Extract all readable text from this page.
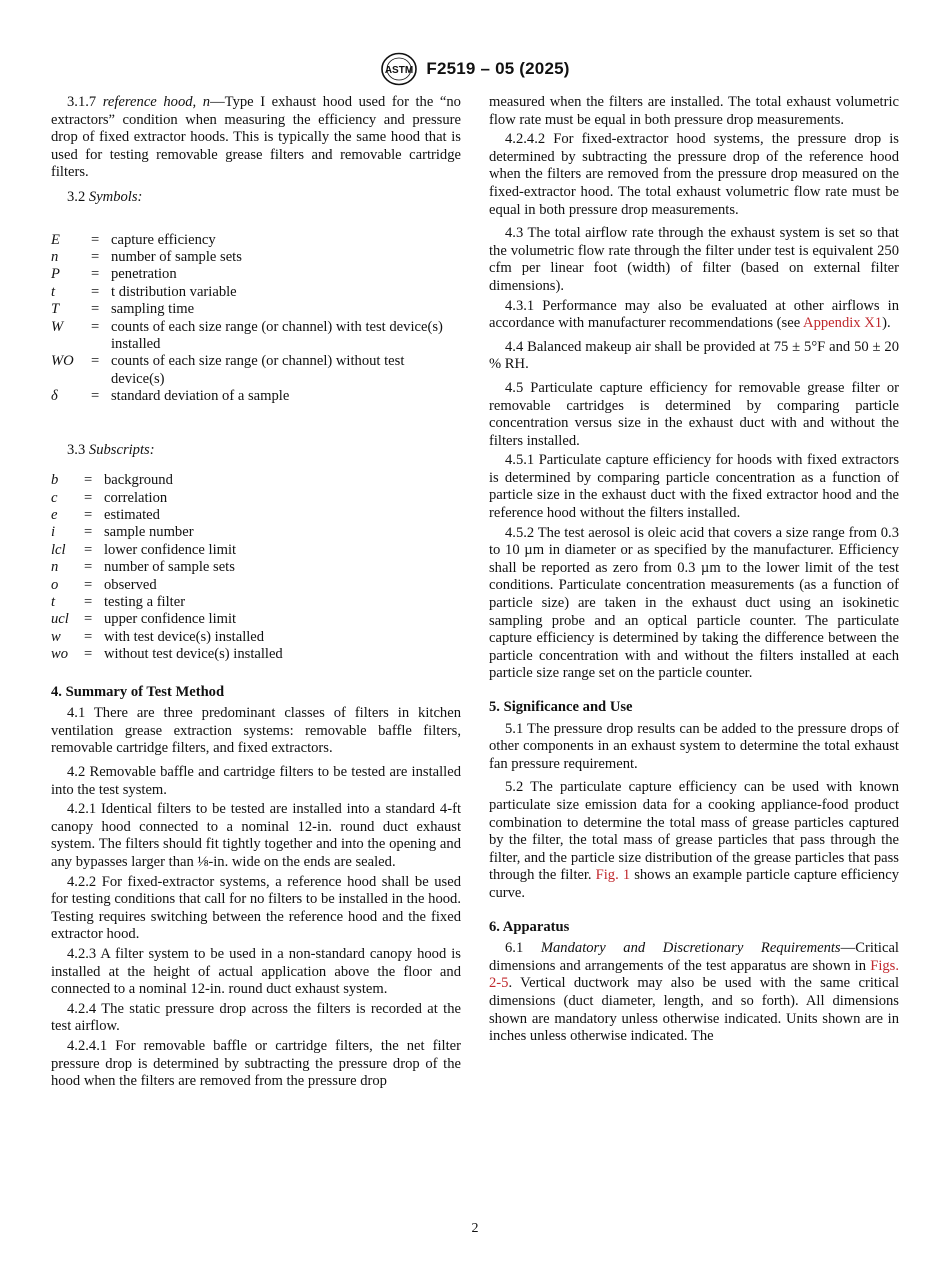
ASTM F2519 – 05 (2025)

3.1.7 reference hood, n—Type I exhaust hood used for the “no extractors” condition when measuring the efficiency and pressure drop of fixed extractor hoods. This is typically the same hood that is used for testing removable grease filters and removable cartridge filters.

3.2 Symbols:

E	=	capture efficiency
n	=	number of sample sets
P	=	penetration
t	=	t distribution variable
T	=	sampling time
W	=	counts of each size range (or channel) with test device(s) installed
WO	=	counts of each size range (or channel) without test device(s)
δ	=	standard deviation of a sample

3.3 Subscripts:

b	=	background
c	=	correlation
e	=	estimated
i	=	sample number
lcl	=	lower confidence limit
n	=	number of sample sets
o	=	observed
t	=	testing a filter
ucl	=	upper confidence limit
w	=	with test device(s) installed
wo	=	without test device(s) installed

4. Summary of Test Method

4.1 There are three predominant classes of filters in kitchen ventilation grease extraction systems: removable baffle filters, removable cartridge filters, and fixed extractors.

4.2 Removable baffle and cartridge filters to be tested are installed into the test system.

4.2.1 Identical filters to be tested are installed into a standard 4-ft canopy hood connected to a nominal 12-in. round duct exhaust system. The filters should fit tightly together and into the opening and any bypasses larger than ⅛-in. wide on the ends are sealed.

4.2.2 For fixed-extractor systems, a reference hood shall be used for testing conditions that call for no filters to be installed in the hood. Testing requires switching between the reference hood and the fixed extractor hood.

4.2.3 A filter system to be used in a non-standard canopy hood is installed at the height of actual application above the floor and connected to a nominal 12-in. round duct exhaust system.

4.2.4 The static pressure drop across the filters is recorded at the test airflow.

4.2.4.1 For removable baffle or cartridge filters, the net filter pressure drop is determined by subtracting the pressure drop of the hood when the filters are removed from the pressure drop

measured when the filters are installed. The total exhaust volumetric flow rate must be equal in both pressure drop measurements.

4.2.4.2 For fixed-extractor hood systems, the pressure drop is determined by subtracting the pressure drop of the reference hood when the filters are removed from the pressure drop measured on the fixed-extractor hood. The total exhaust volumetric flow rate must be equal in both pressure drop measurements.

4.3 The total airflow rate through the exhaust system is set so that the volumetric flow rate through the filter under test is equivalent 250 cfm per linear foot (width) of filter (based on external filter dimensions).

4.3.1 Performance may also be evaluated at other airflows in accordance with manufacturer recommendations (see Appendix X1).

4.4 Balanced makeup air shall be provided at 75 ± 5°F and 50 ± 20 % RH.

4.5 Particulate capture efficiency for removable grease filter or removable cartridges is determined by comparing particle concentration versus size in the exhaust duct with and without the filters installed.

4.5.1 Particulate capture efficiency for hoods with fixed extractors is determined by comparing particle concentration as a function of particle size in the exhaust duct with the fixed extractor hood and the reference hood without the filters installed.

4.5.2 The test aerosol is oleic acid that covers a size range from 0.3 to 10 µm in diameter or as specified by the manufacturer. Efficiency shall be reported as zero from 0.3 µm to the lower limit of the test conditions. Particulate concentration measurements (as a function of particle size) are taken in the exhaust duct using an isokinetic sampling probe and an optical particle counter. The particulate capture efficiency is determined by taking the difference between the particle concentration with and without the filters installed at each particle size range set on the particle counter.

5. Significance and Use

5.1 The pressure drop results can be added to the pressure drops of other components in an exhaust system to determine the total exhaust fan pressure requirement.

5.2 The particulate capture efficiency can be used with known particulate size emission data for a cooking appliance-food product combination to determine the total mass of grease particles captured by the filter, the total mass of grease particles that pass through the filter, and the particle size distribution of the grease particles that pass through the filter. Fig. 1 shows an example particle capture efficiency curve.

6. Apparatus

6.1 Mandatory and Discretionary Requirements—Critical dimensions and arrangements of the test apparatus are shown in Figs. 2-5. Vertical ductwork may also be used with the same critical dimensions (duct diameter, length, and so forth). All dimensions shown are mandatory unless otherwise indicated. Units shown are in inches unless otherwise indicated. The

2
